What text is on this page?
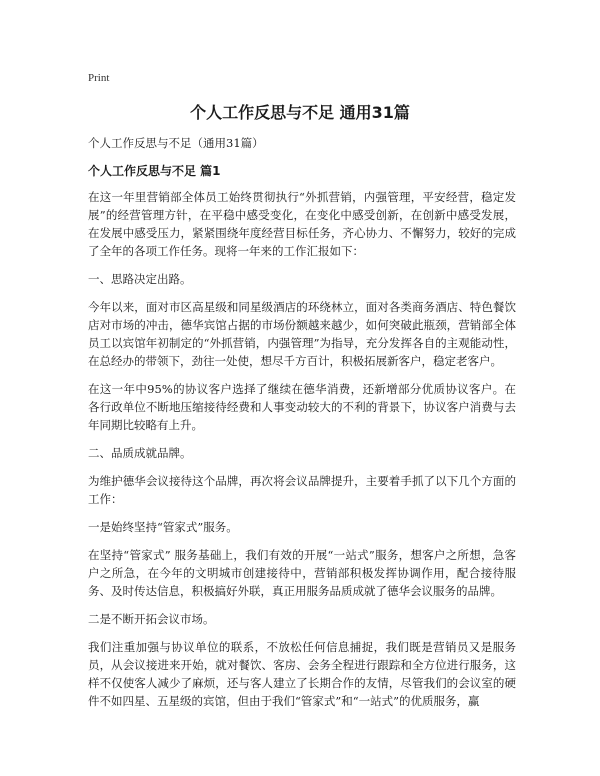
Print
个人工作反思与不足 通用31篇

个人工作反思与不足（通用31篇）

个人工作反思与不足 篇1

在这一年里营销部全体员工始终贯彻执行“外抓营销，内强管理，平安经营，稳定发展”的经营管理方针，在平稳中感受变化，在变化中感受创新，在创新中感受发展，在发展中感受压力，紧紧围绕年度经营目标任务，齐心协力、不懈努力，较好的完成了全年的各项工作任务。现将一年来的工作汇报如下：

一、思路决定出路。

今年以来，面对市区高星级和同星级酒店的环绕林立，面对各类商务酒店、特色餐饮店对市场的冲击，德华宾馆占据的市场份额越来越少，如何突破此瓶颈，营销部全体员工以宾馆年初制定的“外抓营销，内强管理”为指导，充分发挥各自的主观能动性，在总经办的带领下，劲往一处使，想尽千方百计，积极拓展新客户，稳定老客户。

在这一年中95%的协议客户选择了继续在德华消费，还新增部分优质协议客户。在各行政单位不断地压缩接待经费和人事变动较大的不利的背景下，协议客户消费与去年同期比较略有上升。

二、品质成就品牌。

为维护德华会议接待这个品牌，再次将会议品牌提升，主要着手抓了以下几个方面的工作：

一是始终坚持“管家式”服务。

在坚持“管家式” 服务基础上，我们有效的开展“一站式”服务，想客户之所想，急客户之所急，在今年的文明城市创建接待中，营销部积极发挥协调作用，配合接待服务、及时传达信息，积极搞好外联，真正用服务品质成就了德华会议服务的品牌。

二是不断开拓会议市场。

我们注重加强与协议单位的联系，不放松任何信息捕捉，我们既是营销员又是服务员，从会议接进来开始，就对餐饮、客房、会务全程进行跟踪和全方位进行服务，这样不仅使客人减少了麻烦，还与客人建立了长期合作的友情，尽管我们的会议室的硬件不如四星、五星级的宾馆，但由于我们“管家式”和“一站式”的优质服务，赢
